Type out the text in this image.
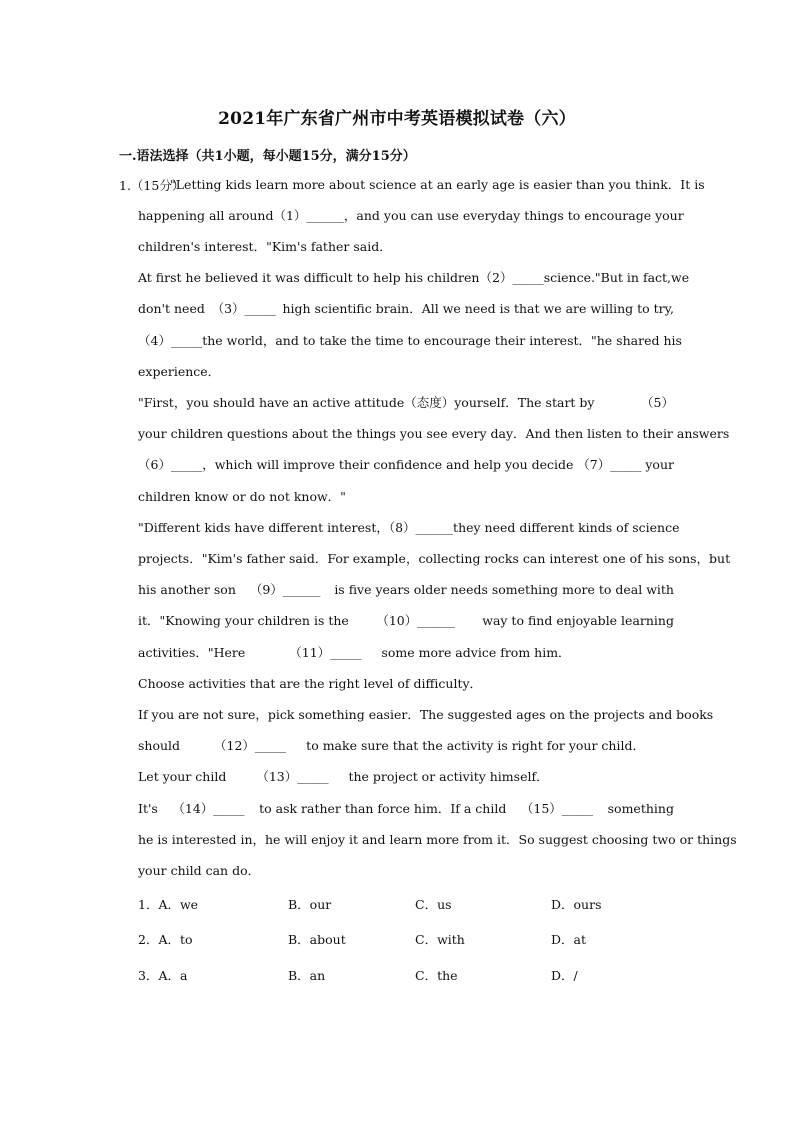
2021年广东省广州市中考英语模拟试卷（六）
一.语法选择（共1小题，每小题15分，满分15分）
1.（15分）
"Letting kids learn more about science at an early age is easier than you think．It is
happening all around （1）______，and you can use everyday things to encourage your
children's interest．"Kim's father said．
At first he believed it was difficult to help his children （2）_____ science."But in fact,we
don't need （3）_____ high scientific brain．All we need is that we are willing to try,
（4）_____ the world，and to take the time to encourage their interest．"he shared his
experience．
"First，you should have an active attitude（态度）yourself．The start by	（5）
your children questions about the things you see every day．And then listen to their answers
（6）_____，which will improve their confidence and help you decide （7）_____ your
children know or do not know．"
"Different kids have different interest，（8）______ they need different kinds of science
projects．"Kim's father said．For example，collecting rocks can interest one of his sons，but
his another son （9）______ is five years older needs something more to deal with
it．"Knowing your children is the （10）______ way to find enjoyable learning
activities．"Here	（11）_____ some more advice from him．
Choose activities that are the right level of difficulty．
If you are not sure，pick something easier．The suggested ages on the projects and books
should	（12）_____ to make sure that the activity is right for your child．
Let your child （13）_____ the project or activity himself．
It's （14）_____ to ask rather than force him．If a child （15）_____ something
he is interested in，he will enjoy it and learn more from it．So suggest choosing two or things
your child can do．
1．A．we	B．our	C．us	D．ours
2．A．to	B．about	C．with	D．at
3．A．a	B．an	C．the	D．/
